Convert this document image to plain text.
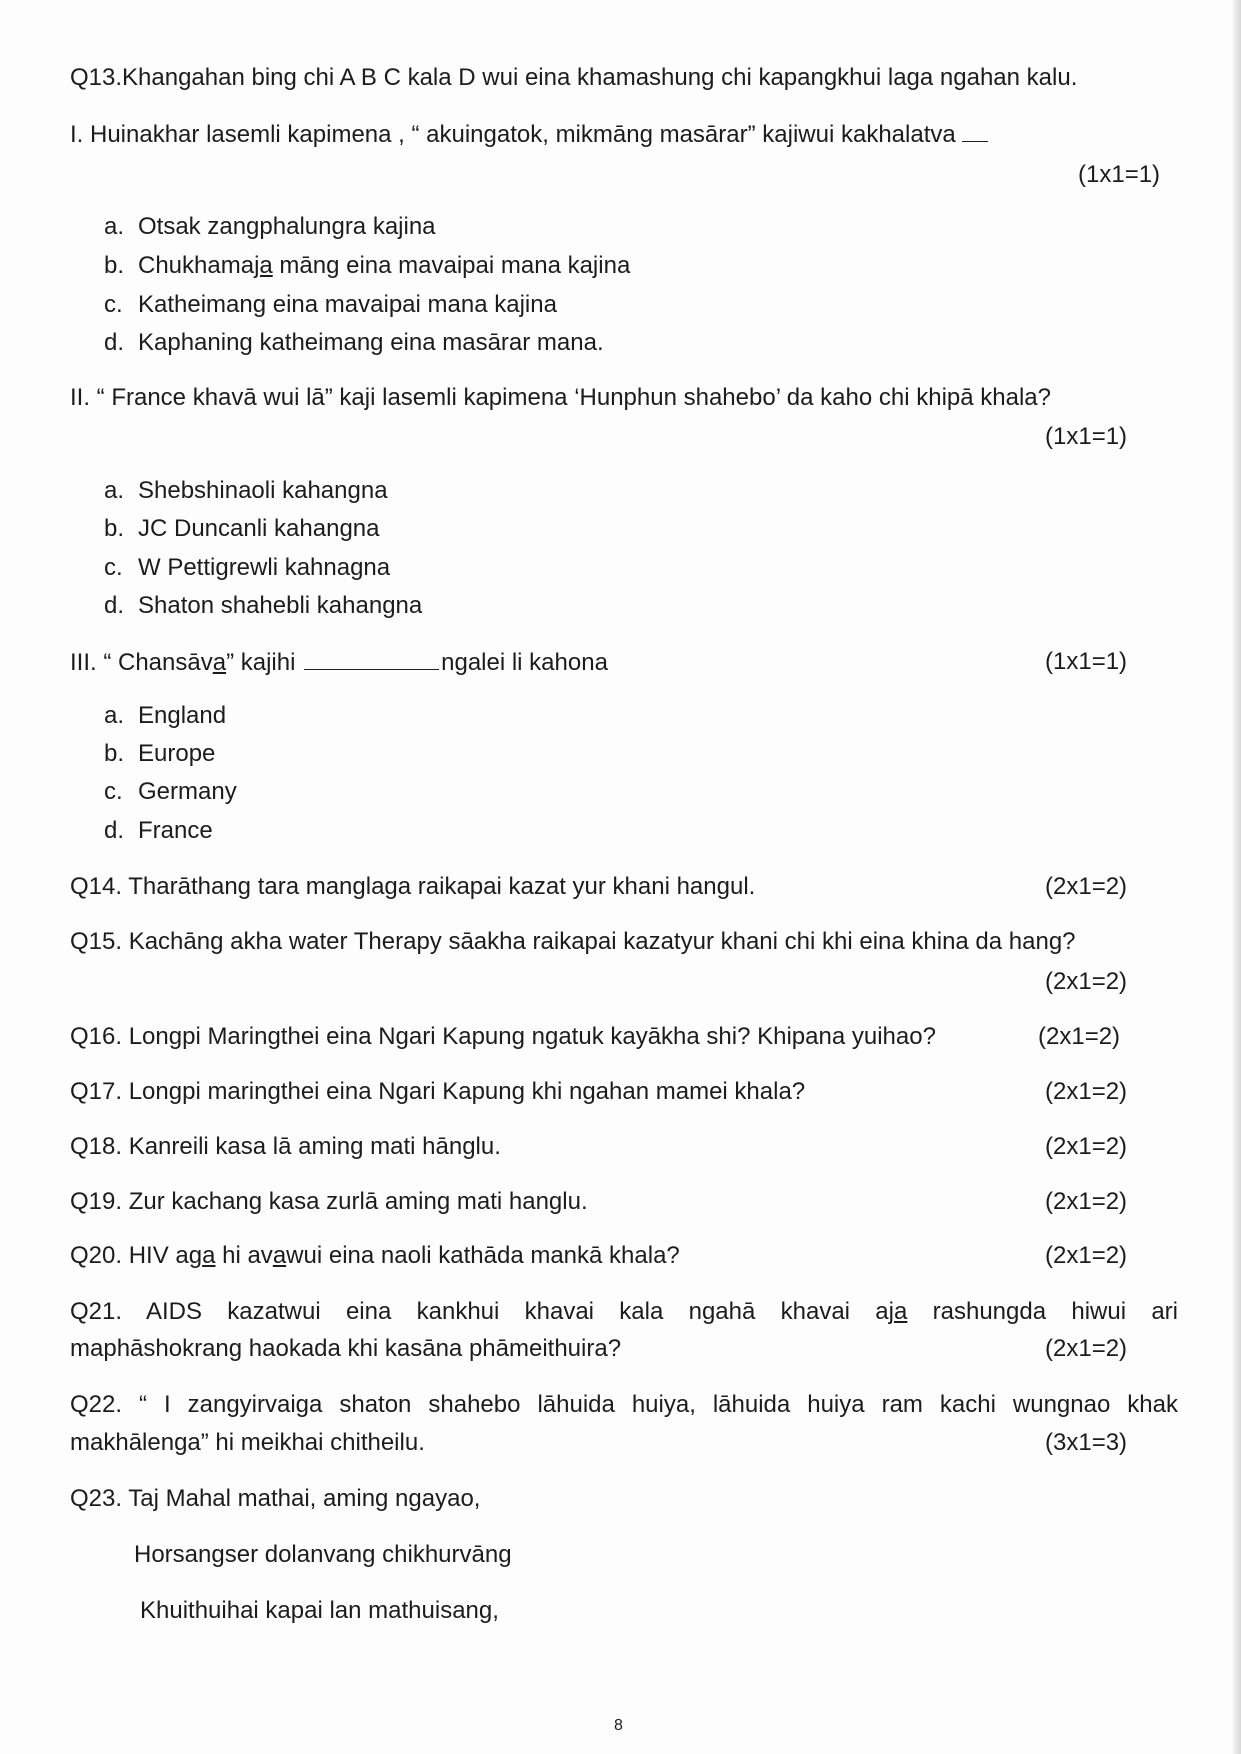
Q13.Khangahan bing chi A B C kala D wui eina khamashung chi kapangkhui laga ngahan kalu.
I. Huinakhar lasemli kapimena , “ akuingatok, mikmāng masārar” kajiwui kakhalatva
(1x1=1)
a. Otsak zangphalungra kajina
b. Chukhamaja māng eina mavaipai mana kajina
c. Katheimang eina mavaipai mana kajina
d. Kaphaning katheimang eina masārar mana.
II. “ France khavā wui lā” kaji lasemli kapimena ‘Hunphun shahebo’ da kaho chi khipā khala?
(1x1=1)
a. Shebshinaoli kahangna
b. JC Duncanli kahangna
c. W Pettigrewli kahnagna
d. Shaton shahebli kahangna
III. “ Chansāva” kajihi	ngalei li kahona	(1x1=1)
a. England
b. Europe
c. Germany
d. France
Q14. Tharāthang tara manglaga raikapai kazat yur khani hangul.	(2x1=2)
Q15. Kachāng akha water Therapy sāakha raikapai kazatyur khani chi khi eina khina da hang?
(2x1=2)
Q16. Longpi Maringthei eina Ngari Kapung ngatuk kayākha shi? Khipana yuihao?	(2x1=2)
Q17. Longpi maringthei eina Ngari Kapung khi ngahan mamei khala?	(2x1=2)
Q18. Kanreili kasa lā aming mati hānglu.	(2x1=2)
Q19. Zur kachang kasa zurlā aming mati hanglu.	(2x1=2)
Q20. HIV aga hi avawui eina naoli kathāda mankā khala?	(2x1=2)
Q21. AIDS kazatwui eina kankhui khavai kala ngahā khavai aja rashungda hiwui ari
maphāshokrang haokada khi kasāna phāmeithuira?	(2x1=2)
Q22. “ I zangyirvaiga shaton shahebo lāhuida huiya, lāhuida huiya ram kachi wungnao khak
makhālenga” hi meikhai chitheilu.	(3x1=3)
Q23. Taj Mahal mathai, aming ngayao,
Horsangser dolanvang chikhurvāng
Khuithuihai kapai lan mathuisang,
8
